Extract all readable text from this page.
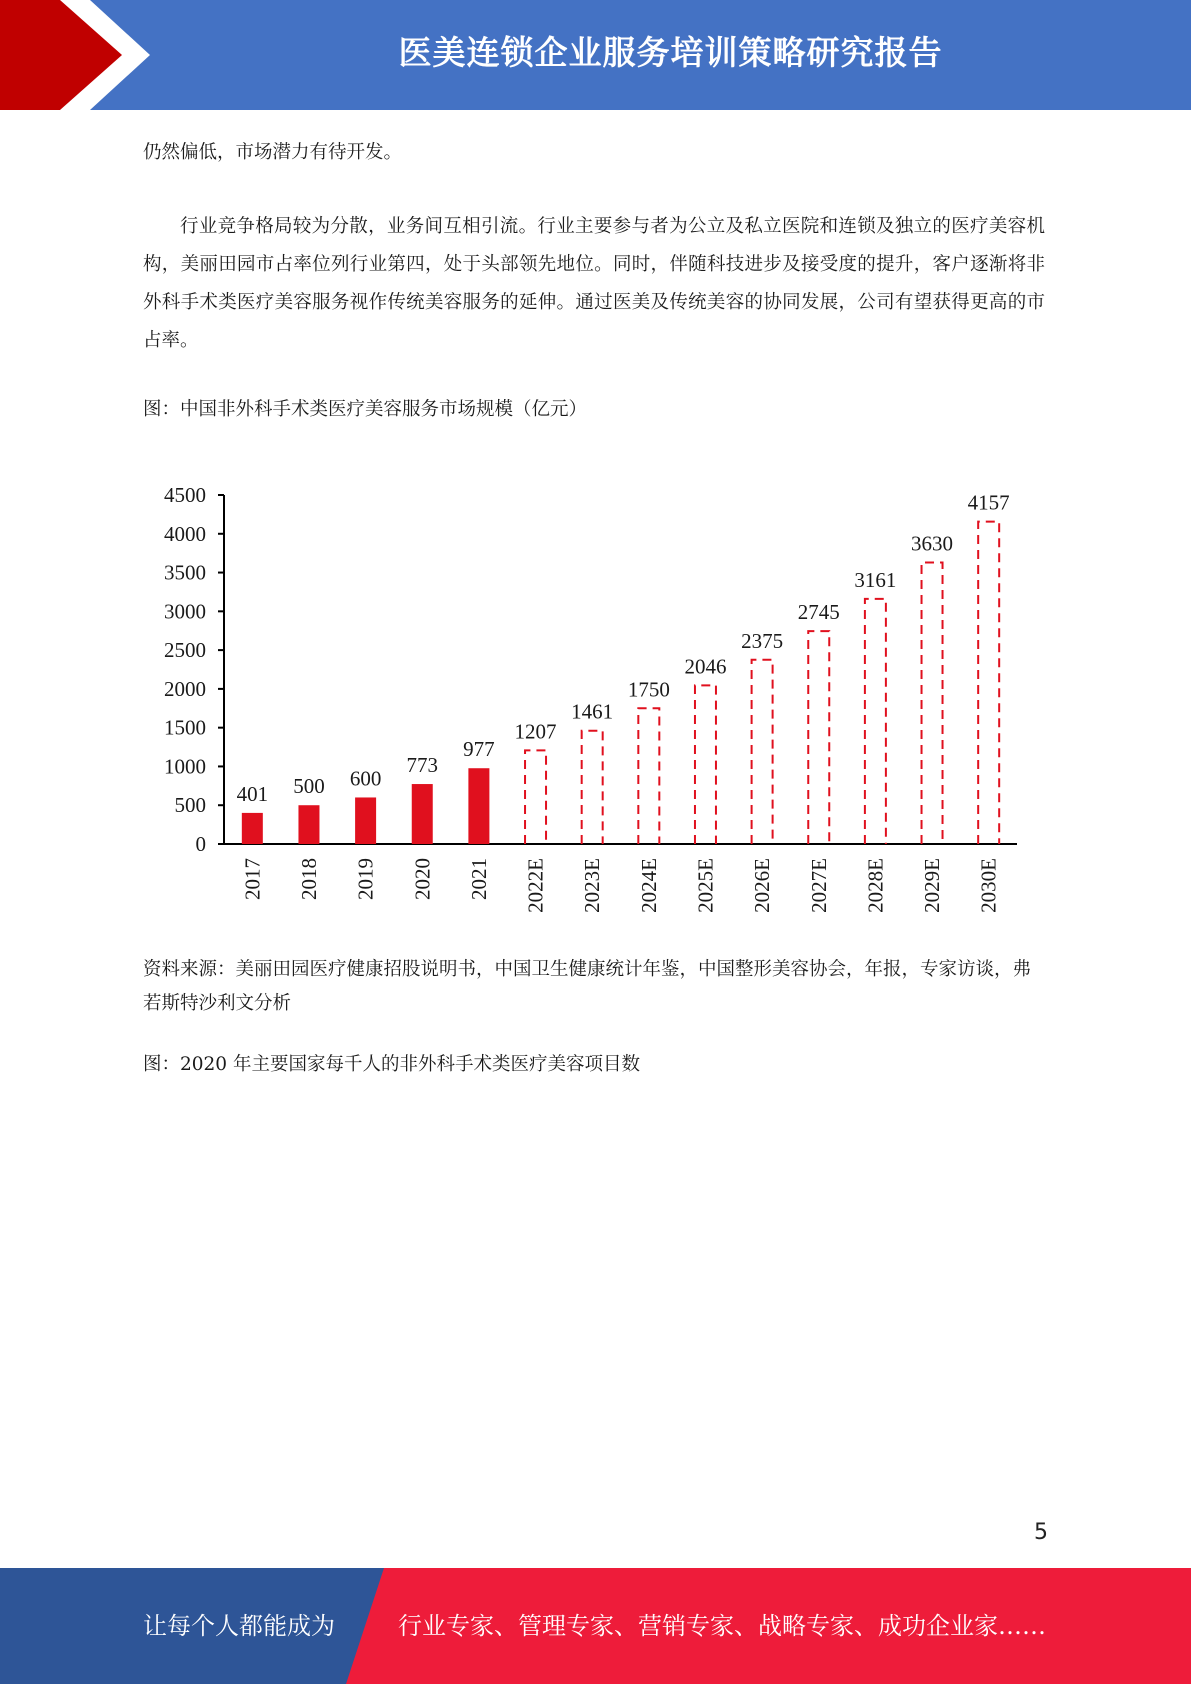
医美连锁企业服务培训策略研究报告

仍然偏低，市场潜力有待开发。

行业竞争格局较为分散，业务间互相引流。行业主要参与者为公立及私立医院和连锁及独立的医疗美容机构，美丽田园市占率位列行业第四，处于头部领先地位。同时，伴随科技进步及接受度的提升，客户逐渐将非外科手术类医疗美容服务视作传统美容服务的延伸。通过医美及传统美容的协同发展，公司有望获得更高的市占率。

图：中国非外科手术类医疗美容服务市场规模（亿元）

0
500
1000
1500
2000
2500
3000
3500
4000
4500
401
2017
500
2018
600
2019
773
2020
977
2021
1207
2022E
1461
2023E
1750
2024E
2046
2025E
2375
2026E
2745
2027E
3161
2028E
3630
2029E
4157
2030E

资料来源：美丽田园医疗健康招股说明书，中国卫生健康统计年鉴，中国整形美容协会，年报，专家访谈，弗若斯特沙利文分析

图：2020 年主要国家每千人的非外科手术类医疗美容项目数

5
让每个人都能成为	行业专家、管理专家、营销专家、战略专家、成功企业家……
